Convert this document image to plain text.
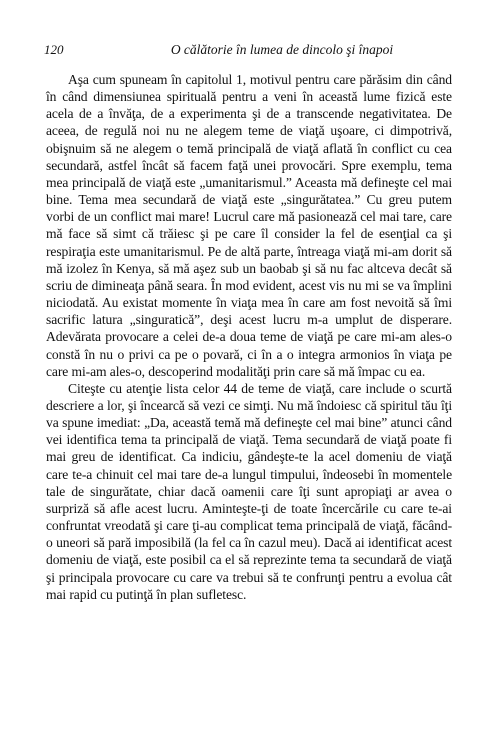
120	O călătorie în lumea de dincolo şi înapoi

Aşa cum spuneam în capitolul 1, motivul pentru care părăsim din când în când dimensiunea spirituală pentru a veni în această lume fizică este acela de a învăţa, de a experimenta şi de a transcende negativitatea. De aceea, de regulă noi nu ne alegem teme de viaţă uşoare, ci dimpotrivă, obişnuim să ne alegem o temă principală de viaţă aflată în conflict cu cea secundară, astfel încât să facem faţă unei provocări. Spre exemplu, tema mea principală de viaţă este „umanitarismul.” Aceasta mă defineşte cel mai bine. Tema mea secundară de viaţă este „singurătatea.” Cu greu putem vorbi de un conflict mai mare! Lucrul care mă pasionează cel mai tare, care mă face să simt că trăiesc şi pe care îl consider la fel de esenţial ca şi respiraţia este umanitarismul. Pe de altă parte, întreaga viaţă mi-am dorit să mă izolez în Kenya, să mă aşez sub un baobab şi să nu fac altceva decât să scriu de dimineaţa până seara. În mod evident, acest vis nu mi se va împlini niciodată. Au existat momente în viaţa mea în care am fost nevoită să îmi sacrific latura „singuratică”, deşi acest lucru m-a umplut de disperare. Adevărata provocare a celei de-a doua teme de viaţă pe care mi-am ales-o constă în nu o privi ca pe o povară, ci în a o integra armonios în viaţa pe care mi-am ales-o, descoperind modalităţi prin care să mă împac cu ea.

Citeşte cu atenţie lista celor 44 de teme de viaţă, care include o scurtă descriere a lor, şi încearcă să vezi ce simţi. Nu mă îndoiesc că spiritul tău îţi va spune imediat: „Da, această temă mă defineşte cel mai bine” atunci când vei identifica tema ta principală de viaţă. Tema secundară de viaţă poate fi mai greu de identificat. Ca indiciu, gândeşte-te la acel domeniu de viaţă care te-a chinuit cel mai tare de-a lungul timpului, îndeosebi în momentele tale de singurătate, chiar dacă oamenii care îţi sunt apropiaţi ar avea o surpriză să afle acest lucru. Aminteşte-ţi de toate încercările cu care te-ai confruntat vreodată şi care ţi-au complicat tema principală de viaţă, făcând-o uneori să pară imposibilă (la fel ca în cazul meu). Dacă ai identificat acest domeniu de viaţă, este posibil ca el să reprezinte tema ta secundară de viaţă şi principala provocare cu care va trebui să te confrunţi pentru a evolua cât mai rapid cu putinţă în plan sufletesc.
